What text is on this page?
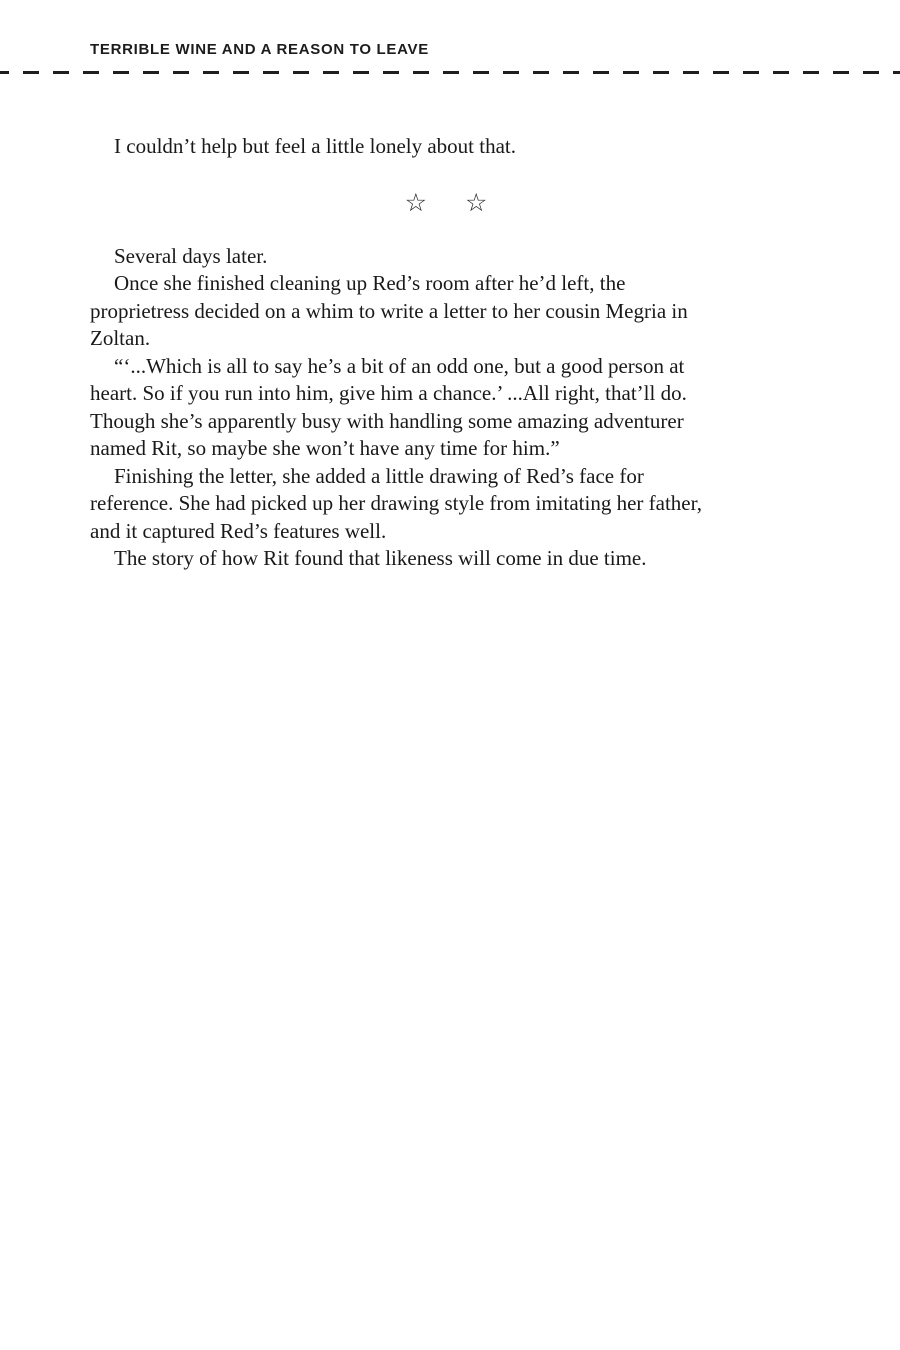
TERRIBLE WINE AND A REASON TO LEAVE

I couldn’t help but feel a little lonely about that.

☆ ☆

Several days later.

Once she finished cleaning up Red’s room after he’d left, the
proprietress decided on a whim to write a letter to her cousin Megria in
Zoltan.

“‘...Which is all to say he’s a bit of an odd one, but a good person at
heart. So if you run into him, give him a chance.’ ...All right, that’ll do.
Though she’s apparently busy with handling some amazing adventurer
named Rit, so maybe she won’t have any time for him.”

Finishing the letter, she added a little drawing of Red’s face for
reference. She had picked up her drawing style from imitating her father,
and it captured Red’s features well.

The story of how Rit found that likeness will come in due time.
